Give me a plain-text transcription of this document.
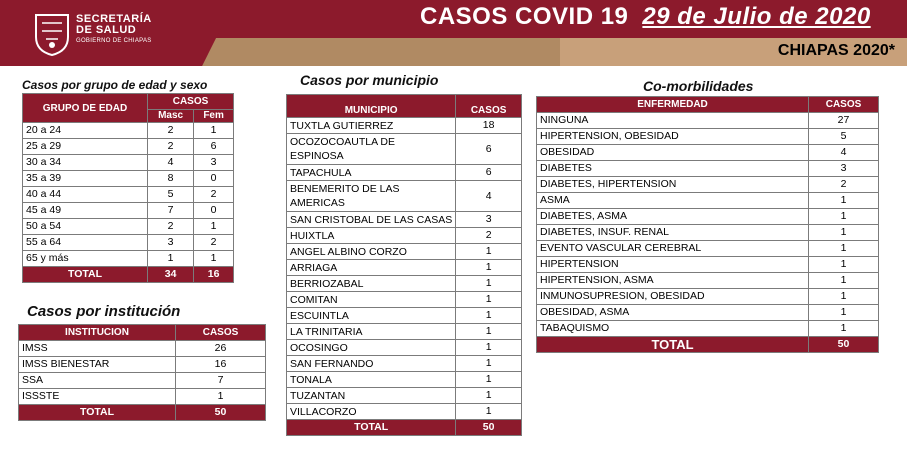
SECRETARÍA
DE SALUD
GOBIERNO DE CHIAPAS
CASOS COVID 19 29 de Julio de 2020
CHIAPAS 2020*
Casos por grupo de edad y sexo
GRUPO DE EDAD	CASOS	
	Masc	Fem
20 a 24	2	1
25 a 29	2	6
30 a 34	4	3
35 a 39	8	0
40 a 44	5	2
45 a 49	7	0
50 a 54	2	1
55 a 64	3	2
65 y más	1	1
TOTAL	34	16
Casos por institución
INSTITUCION	CASOS
IMSS	26
IMSS BIENESTAR	16
SSA	7
ISSSTE	1
TOTAL	50
Casos por municipio
MUNICIPIO	CASOS
TUXTLA GUTIERREZ	18
OCOZOCOAUTLA DE
ESPINOSA	6
TAPACHULA	6
BENEMERITO DE LAS
AMERICAS	4
SAN CRISTOBAL DE LAS CASAS	3
HUIXTLA	2
ANGEL ALBINO CORZO	1
ARRIAGA	1
BERRIOZABAL	1
COMITAN	1
ESCUINTLA	1
LA TRINITARIA	1
OCOSINGO	1
SAN FERNANDO	1
TONALA	1
TUZANTAN	1
VILLACORZO	1
TOTAL	50
Co-morbilidades
ENFERMEDAD	CASOS
NINGUNA	27
HIPERTENSION, OBESIDAD	5
OBESIDAD	4
DIABETES	3
DIABETES, HIPERTENSION	2
ASMA	1
DIABETES, ASMA	1
DIABETES, INSUF. RENAL	1
EVENTO VASCULAR CEREBRAL	1
HIPERTENSION	1
HIPERTENSION, ASMA	1
INMUNOSUPRESION, OBESIDAD	1
OBESIDAD, ASMA	1
TABAQUISMO	1
TOTAL	50
